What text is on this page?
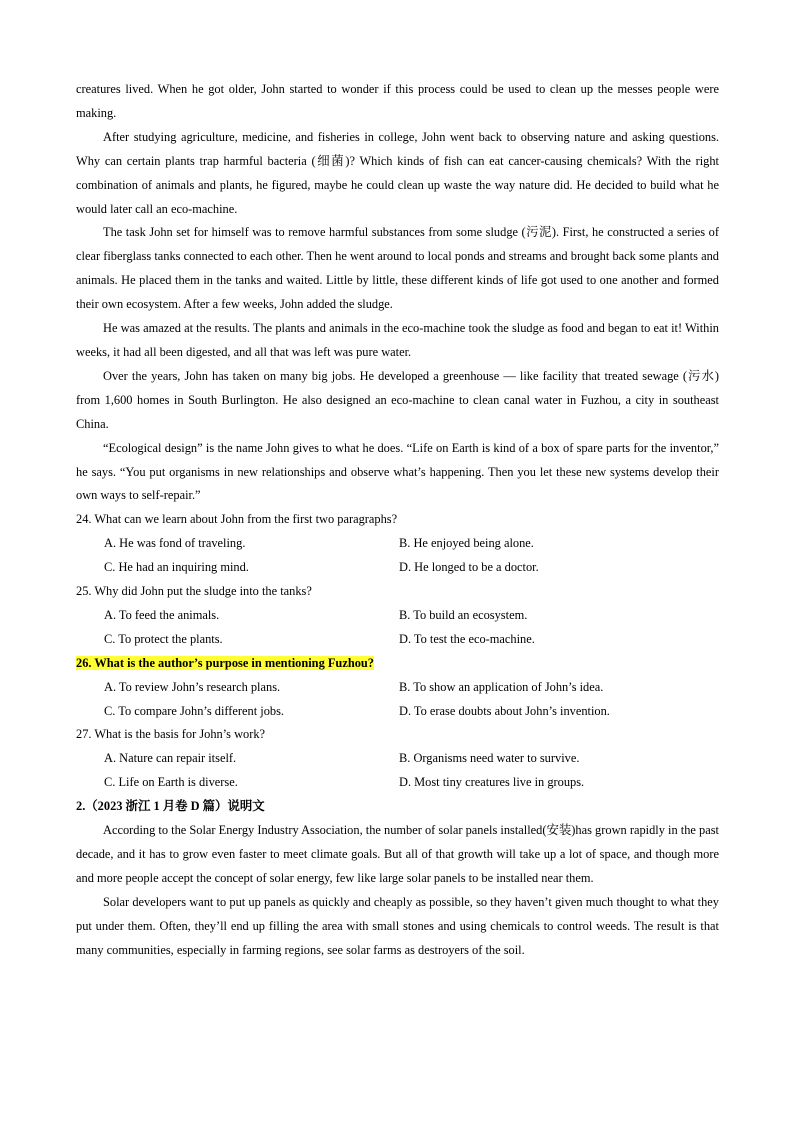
creatures lived. When he got older, John started to wonder if this process could be used to clean up the messes people were making.

After studying agriculture, medicine, and fisheries in college, John went back to observing nature and asking questions. Why can certain plants trap harmful bacteria (细菌)? Which kinds of fish can eat cancer-causing chemicals? With the right combination of animals and plants, he figured, maybe he could clean up waste the way nature did. He decided to build what he would later call an eco-machine.

The task John set for himself was to remove harmful substances from some sludge (污泥). First, he constructed a series of clear fiberglass tanks connected to each other. Then he went around to local ponds and streams and brought back some plants and animals. He placed them in the tanks and waited. Little by little, these different kinds of life got used to one another and formed their own ecosystem. After a few weeks, John added the sludge.

He was amazed at the results. The plants and animals in the eco-machine took the sludge as food and began to eat it! Within weeks, it had all been digested, and all that was left was pure water.

Over the years, John has taken on many big jobs. He developed a greenhouse — like facility that treated sewage (污水) from 1,600 homes in South Burlington. He also designed an eco-machine to clean canal water in Fuzhou, a city in southeast China.

“Ecological design” is the name John gives to what he does. “Life on Earth is kind of a box of spare parts for the inventor,” he says. “You put organisms in new relationships and observe what’s happening. Then you let these new systems develop their own ways to self-repair.”

24. What can we learn about John from the first two paragraphs?

A. He was fond of traveling.	B. He enjoyed being alone.
C. He had an inquiring mind.	D. He longed to be a doctor.

25. Why did John put the sludge into the tanks?

A. To feed the animals.	B. To build an ecosystem.
C. To protect the plants.	D. To test the eco-machine.

26. What is the author’s purpose in mentioning Fuzhou?

A. To review John’s research plans.	B. To show an application of John’s idea.
C. To compare John’s different jobs.	D. To erase doubts about John’s invention.

27. What is the basis for John’s work?

A. Nature can repair itself.	B. Organisms need water to survive.
C. Life on Earth is diverse.	D. Most tiny creatures live in groups.

2.（2023 浙江 1 月卷 D 篇）说明文

According to the Solar Energy Industry Association, the number of solar panels installed(安装)has grown rapidly in the past decade, and it has to grow even faster to meet climate goals. But all of that growth will take up a lot of space, and though more and more people accept the concept of solar energy, few like large solar panels to be installed near them.

Solar developers want to put up panels as quickly and cheaply as possible, so they haven’t given much thought to what they put under them. Often, they’ll end up filling the area with small stones and using chemicals to control weeds. The result is that many communities, especially in farming regions, see solar farms as destroyers of the soil.
